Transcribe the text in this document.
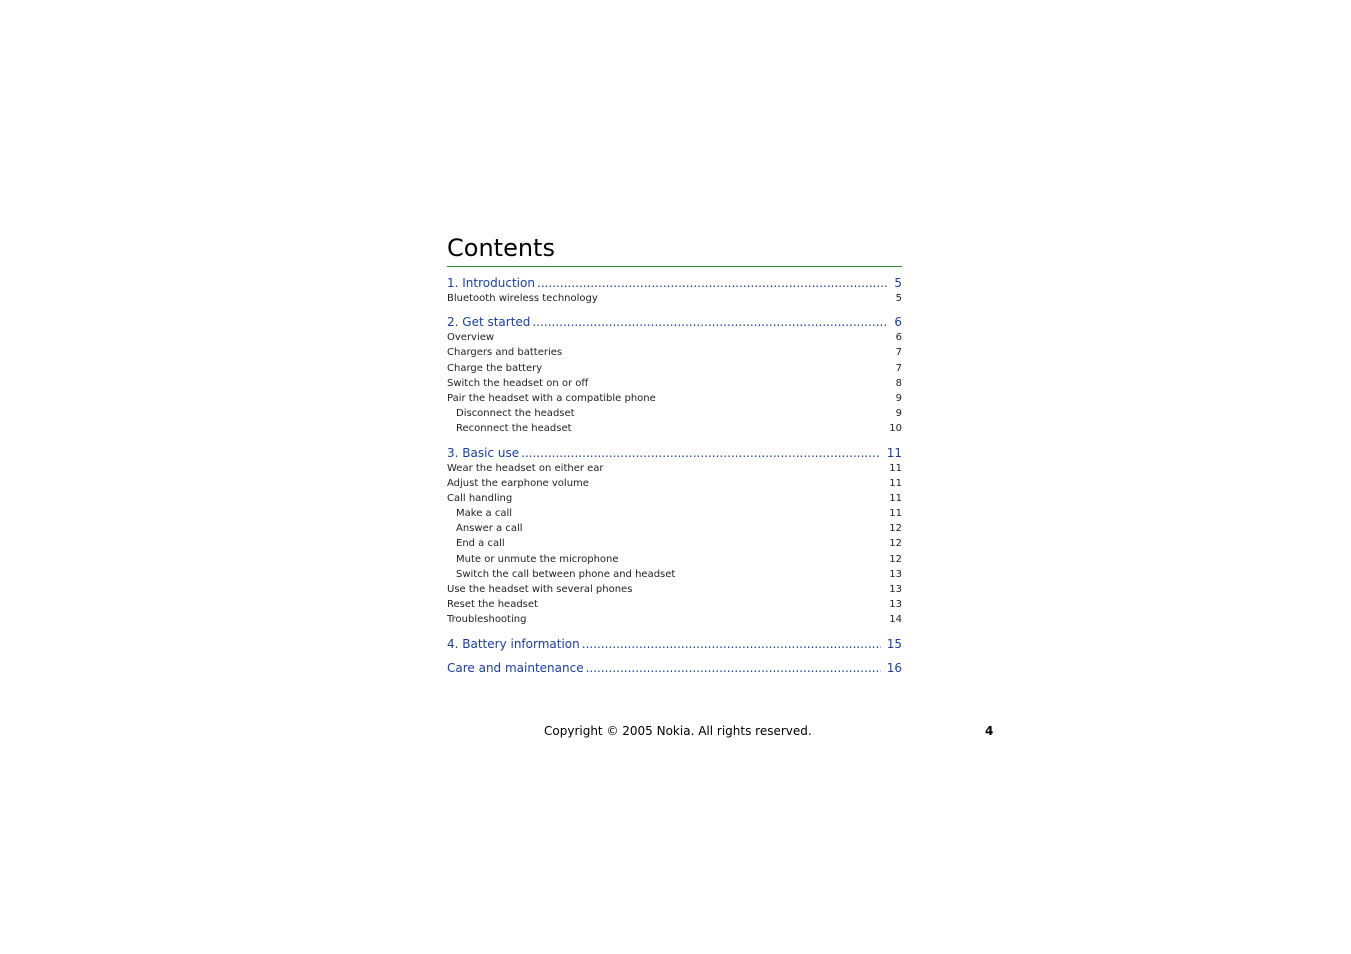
Contents
1. Introduction .....	5
Bluetooth wireless technology .....	5
2. Get started .....	6
Overview .....	6
Chargers and batteries .....	7
Charge the battery .....	7
Switch the headset on or off .....	8
Pair the headset with a compatible phone .....	9
Disconnect the headset .....	9
Reconnect the headset .....	10
3. Basic use .....	11
Wear the headset on either ear .....	11
Adjust the earphone volume .....	11
Call handling .....	11
Make a call .....	11
Answer a call .....	12
End a call .....	12
Mute or unmute the microphone .....	12
Switch the call between phone and headset .....	13
Use the headset with several phones .....	13
Reset the headset .....	13
Troubleshooting .....	14
4. Battery information .....	15
Care and maintenance .....	16
Copyright © 2005 Nokia. All rights reserved.	4
